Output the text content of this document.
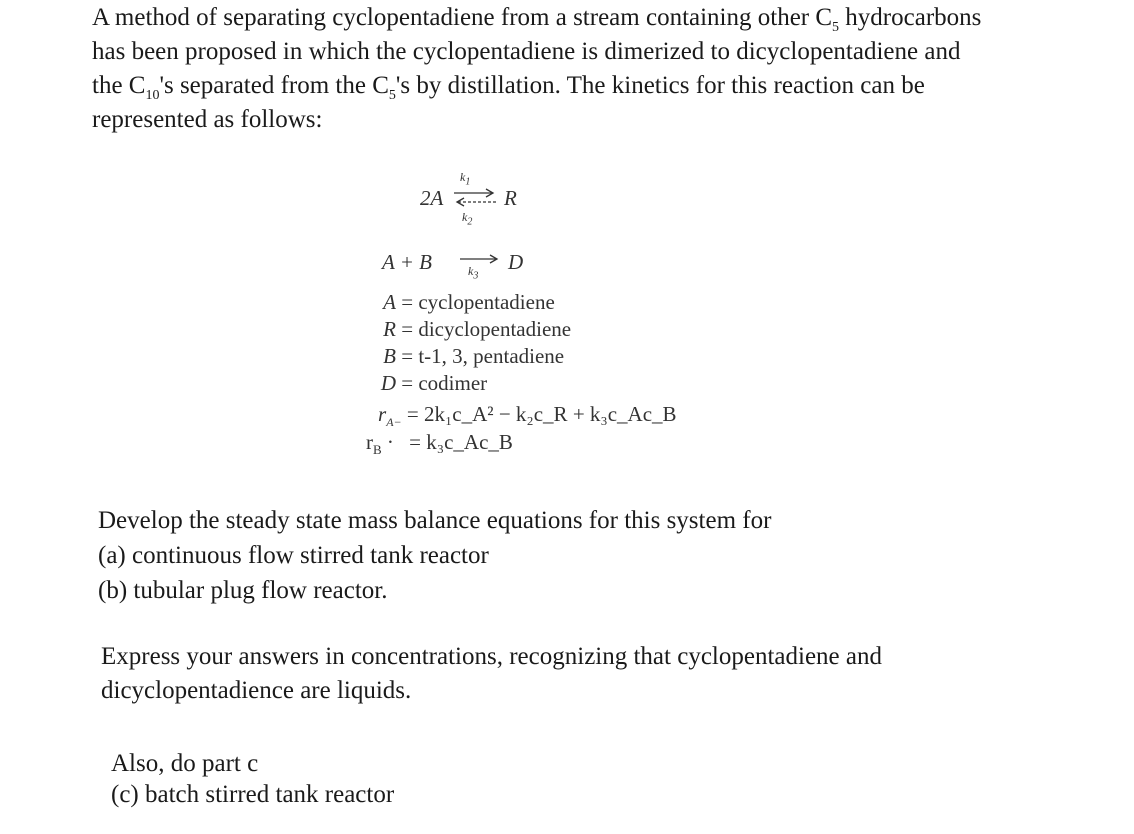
A method of separating cyclopentadiene from a stream containing other $C_5$ hydrocarbons
has been proposed in which the cyclopentadiene is dimerized to dicyclopentadiene and
the $C_{10}'s$ separated from the $C_5's$ by distillation. The kinetics for this reaction can be
represented as follows:
2A
$k_1$
⇌ R
$k_2$
A + B	$k_3$
D
A = cyclopentadiene
R = dicyclopentadiene
B = t-1, 3, pentadiene
D = codimer
$r_{A-}$ = 2k₁c_A² − k₂c_R + k₃c_Ac_B
$r_B$ · = k₃c_Ac_B
Develop the steady state mass balance equations for this system for
(a) continuous flow stirred tank reactor
(b) tubular plug flow reactor.
Express your answers in concentrations, recognizing that cyclopentadiene and
dicyclopentadience are liquids.
Also, do part c
(c) batch stirred tank reactor
